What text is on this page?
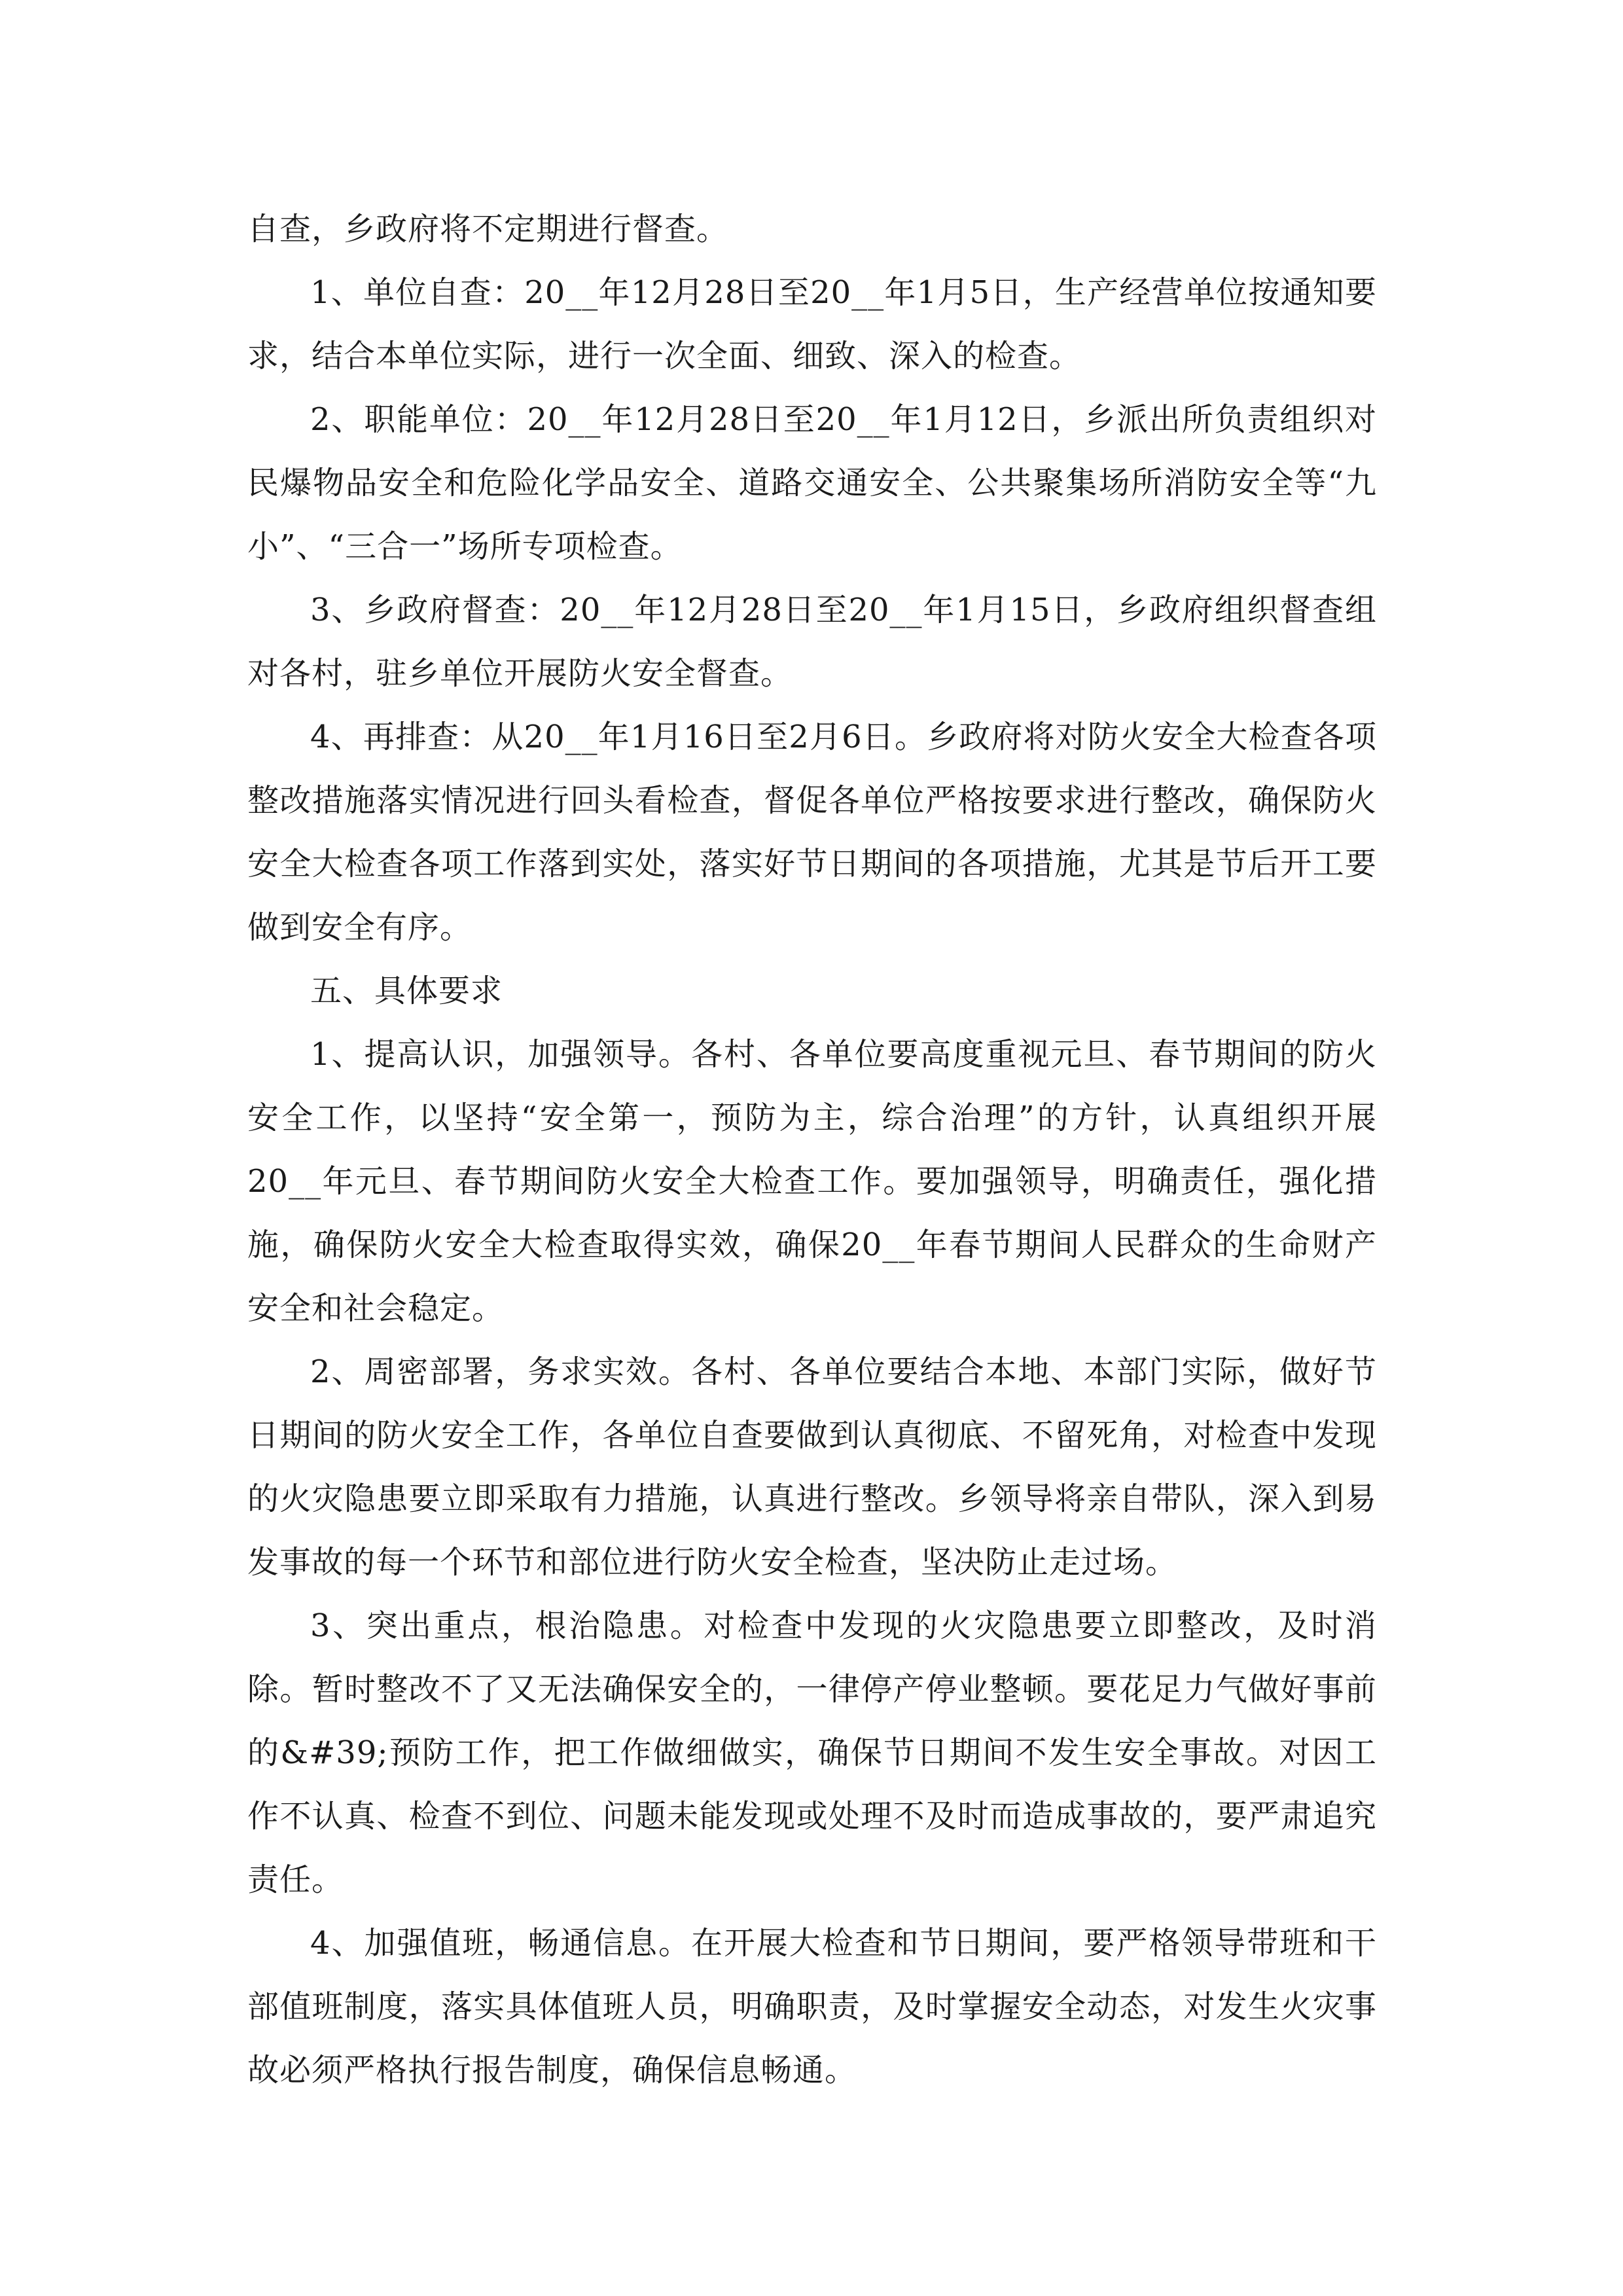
自查，乡政府将不定期进行督查。

1、单位自查：20__年12月28日至20__年1月5日，生产经营单位按通知要求，结合本单位实际，进行一次全面、细致、深入的检查。

2、职能单位：20__年12月28日至20__年1月12日，乡派出所负责组织对民爆物品安全和危险化学品安全、道路交通安全、公共聚集场所消防安全等“九小”、“三合一”场所专项检查。

3、乡政府督查：20__年12月28日至20__年1月15日，乡政府组织督查组对各村，驻乡单位开展防火安全督查。

4、再排查：从20__年1月16日至2月6日。乡政府将对防火安全大检查各项整改措施落实情况进行回头看检查，督促各单位严格按要求进行整改，确保防火安全大检查各项工作落到实处，落实好节日期间的各项措施，尤其是节后开工要做到安全有序。

五、具体要求

1、提高认识，加强领导。各村、各单位要高度重视元旦、春节期间的防火安全工作，以坚持“安全第一，预防为主，综合治理”的方针，认真组织开展20__年元旦、春节期间防火安全大检查工作。要加强领导，明确责任，强化措施，确保防火安全大检查取得实效，确保20__年春节期间人民群众的生命财产安全和社会稳定。

2、周密部署，务求实效。各村、各单位要结合本地、本部门实际，做好节日期间的防火安全工作，各单位自查要做到认真彻底、不留死角，对检查中发现的火灾隐患要立即采取有力措施，认真进行整改。乡领导将亲自带队，深入到易发事故的每一个环节和部位进行防火安全检查，坚决防止走过场。

3、突出重点，根治隐患。对检查中发现的火灾隐患要立即整改，及时消除。暂时整改不了又无法确保安全的，一律停产停业整顿。要花足力气做好事前的&#39;预防工作，把工作做细做实，确保节日期间不发生安全事故。对因工作不认真、检查不到位、问题未能发现或处理不及时而造成事故的，要严肃追究责任。

4、加强值班，畅通信息。在开展大检查和节日期间，要严格领导带班和干部值班制度，落实具体值班人员，明确职责，及时掌握安全动态，对发生火灾事故必须严格执行报告制度，确保信息畅通。
